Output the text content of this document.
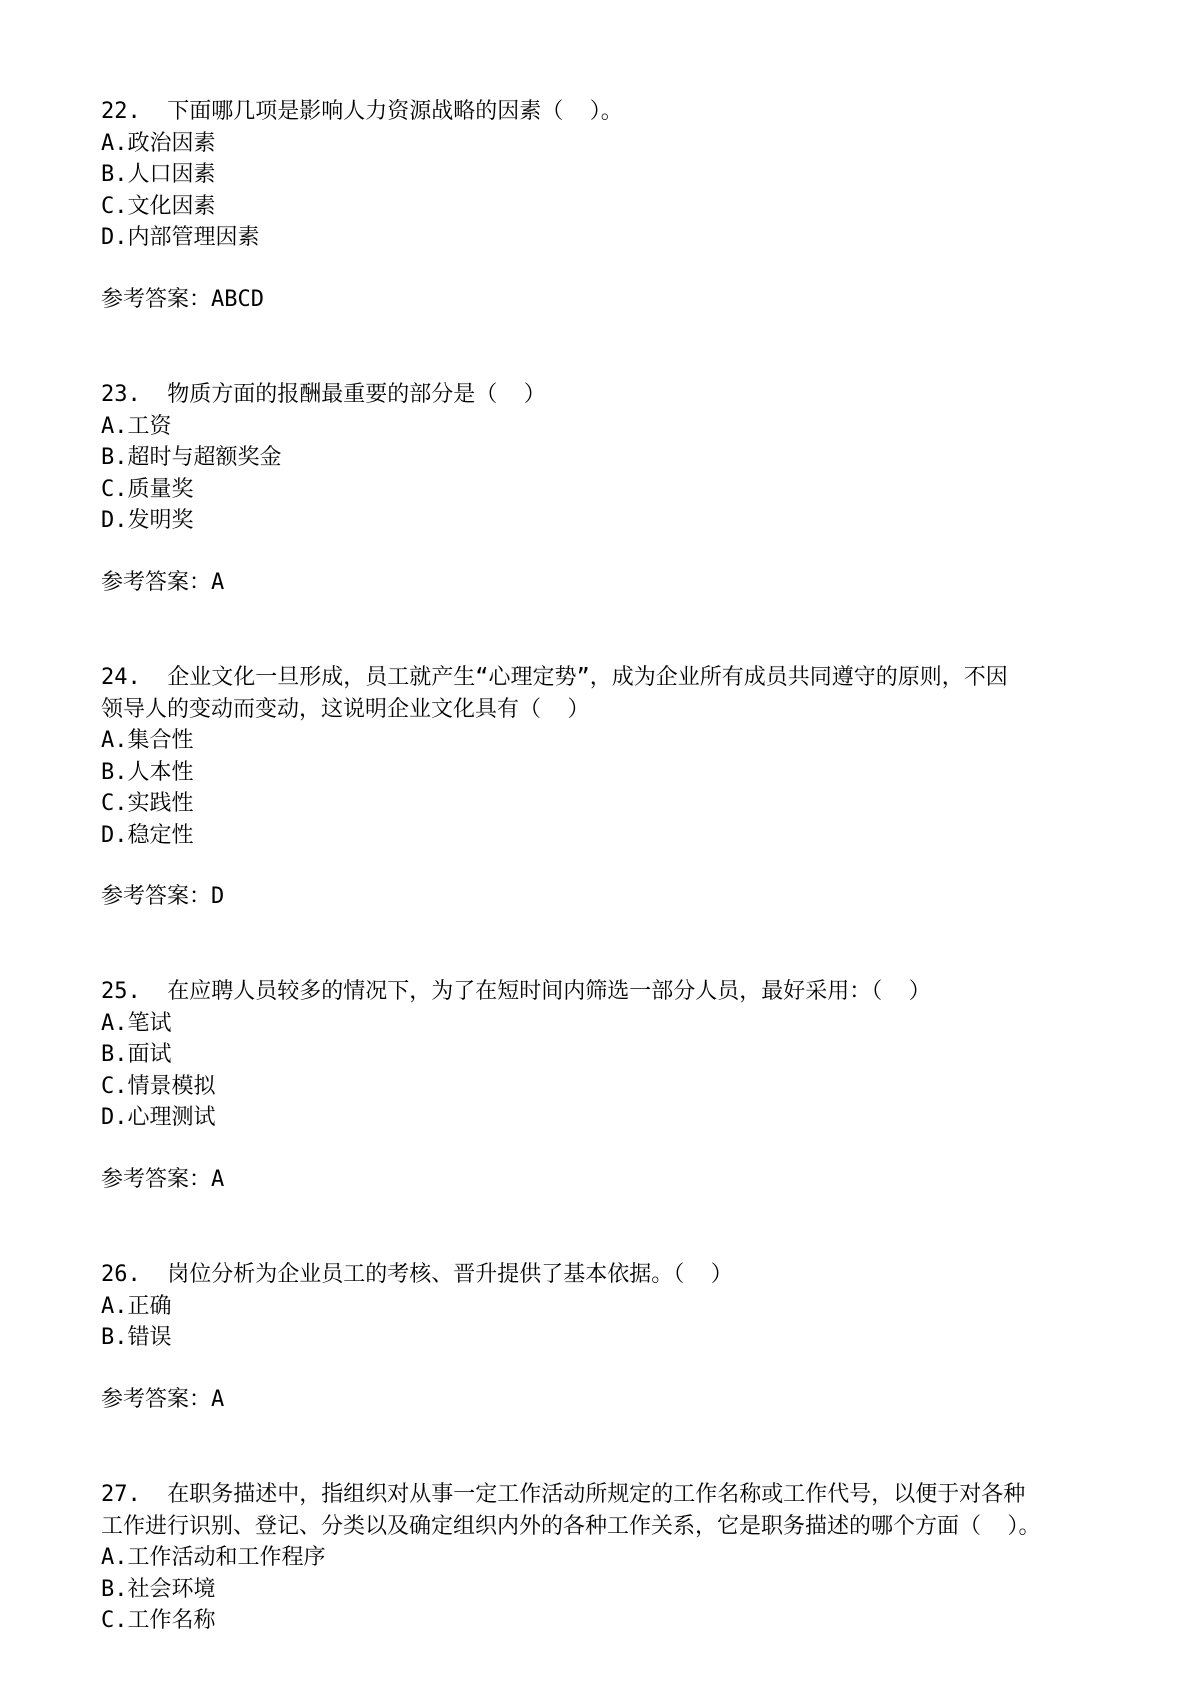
22.  下面哪几项是影响人力资源战略的因素（  ）。
A.政治因素
B.人口因素
C.文化因素
D.内部管理因素
参考答案：ABCD
23.  物质方面的报酬最重要的部分是（  ）
A.工资
B.超时与超额奖金
C.质量奖
D.发明奖
参考答案：A
24.  企业文化一旦形成，员工就产生“心理定势”，成为企业所有成员共同遵守的原则，不因
领导人的变动而变动，这说明企业文化具有（  ）
A.集合性
B.人本性
C.实践性
D.稳定性
参考答案：D
25.  在应聘人员较多的情况下，为了在短时间内筛选一部分人员，最好采用：（  ）
A.笔试
B.面试
C.情景模拟
D.心理测试
参考答案：A
26.  岗位分析为企业员工的考核、晋升提供了基本依据。（  ）
A.正确
B.错误
参考答案：A
27.  在职务描述中，指组织对从事一定工作活动所规定的工作名称或工作代号，以便于对各种
工作进行识别、登记、分类以及确定组织内外的各种工作关系，它是职务描述的哪个方面（  ）。
A.工作活动和工作程序
B.社会环境
C.工作名称
